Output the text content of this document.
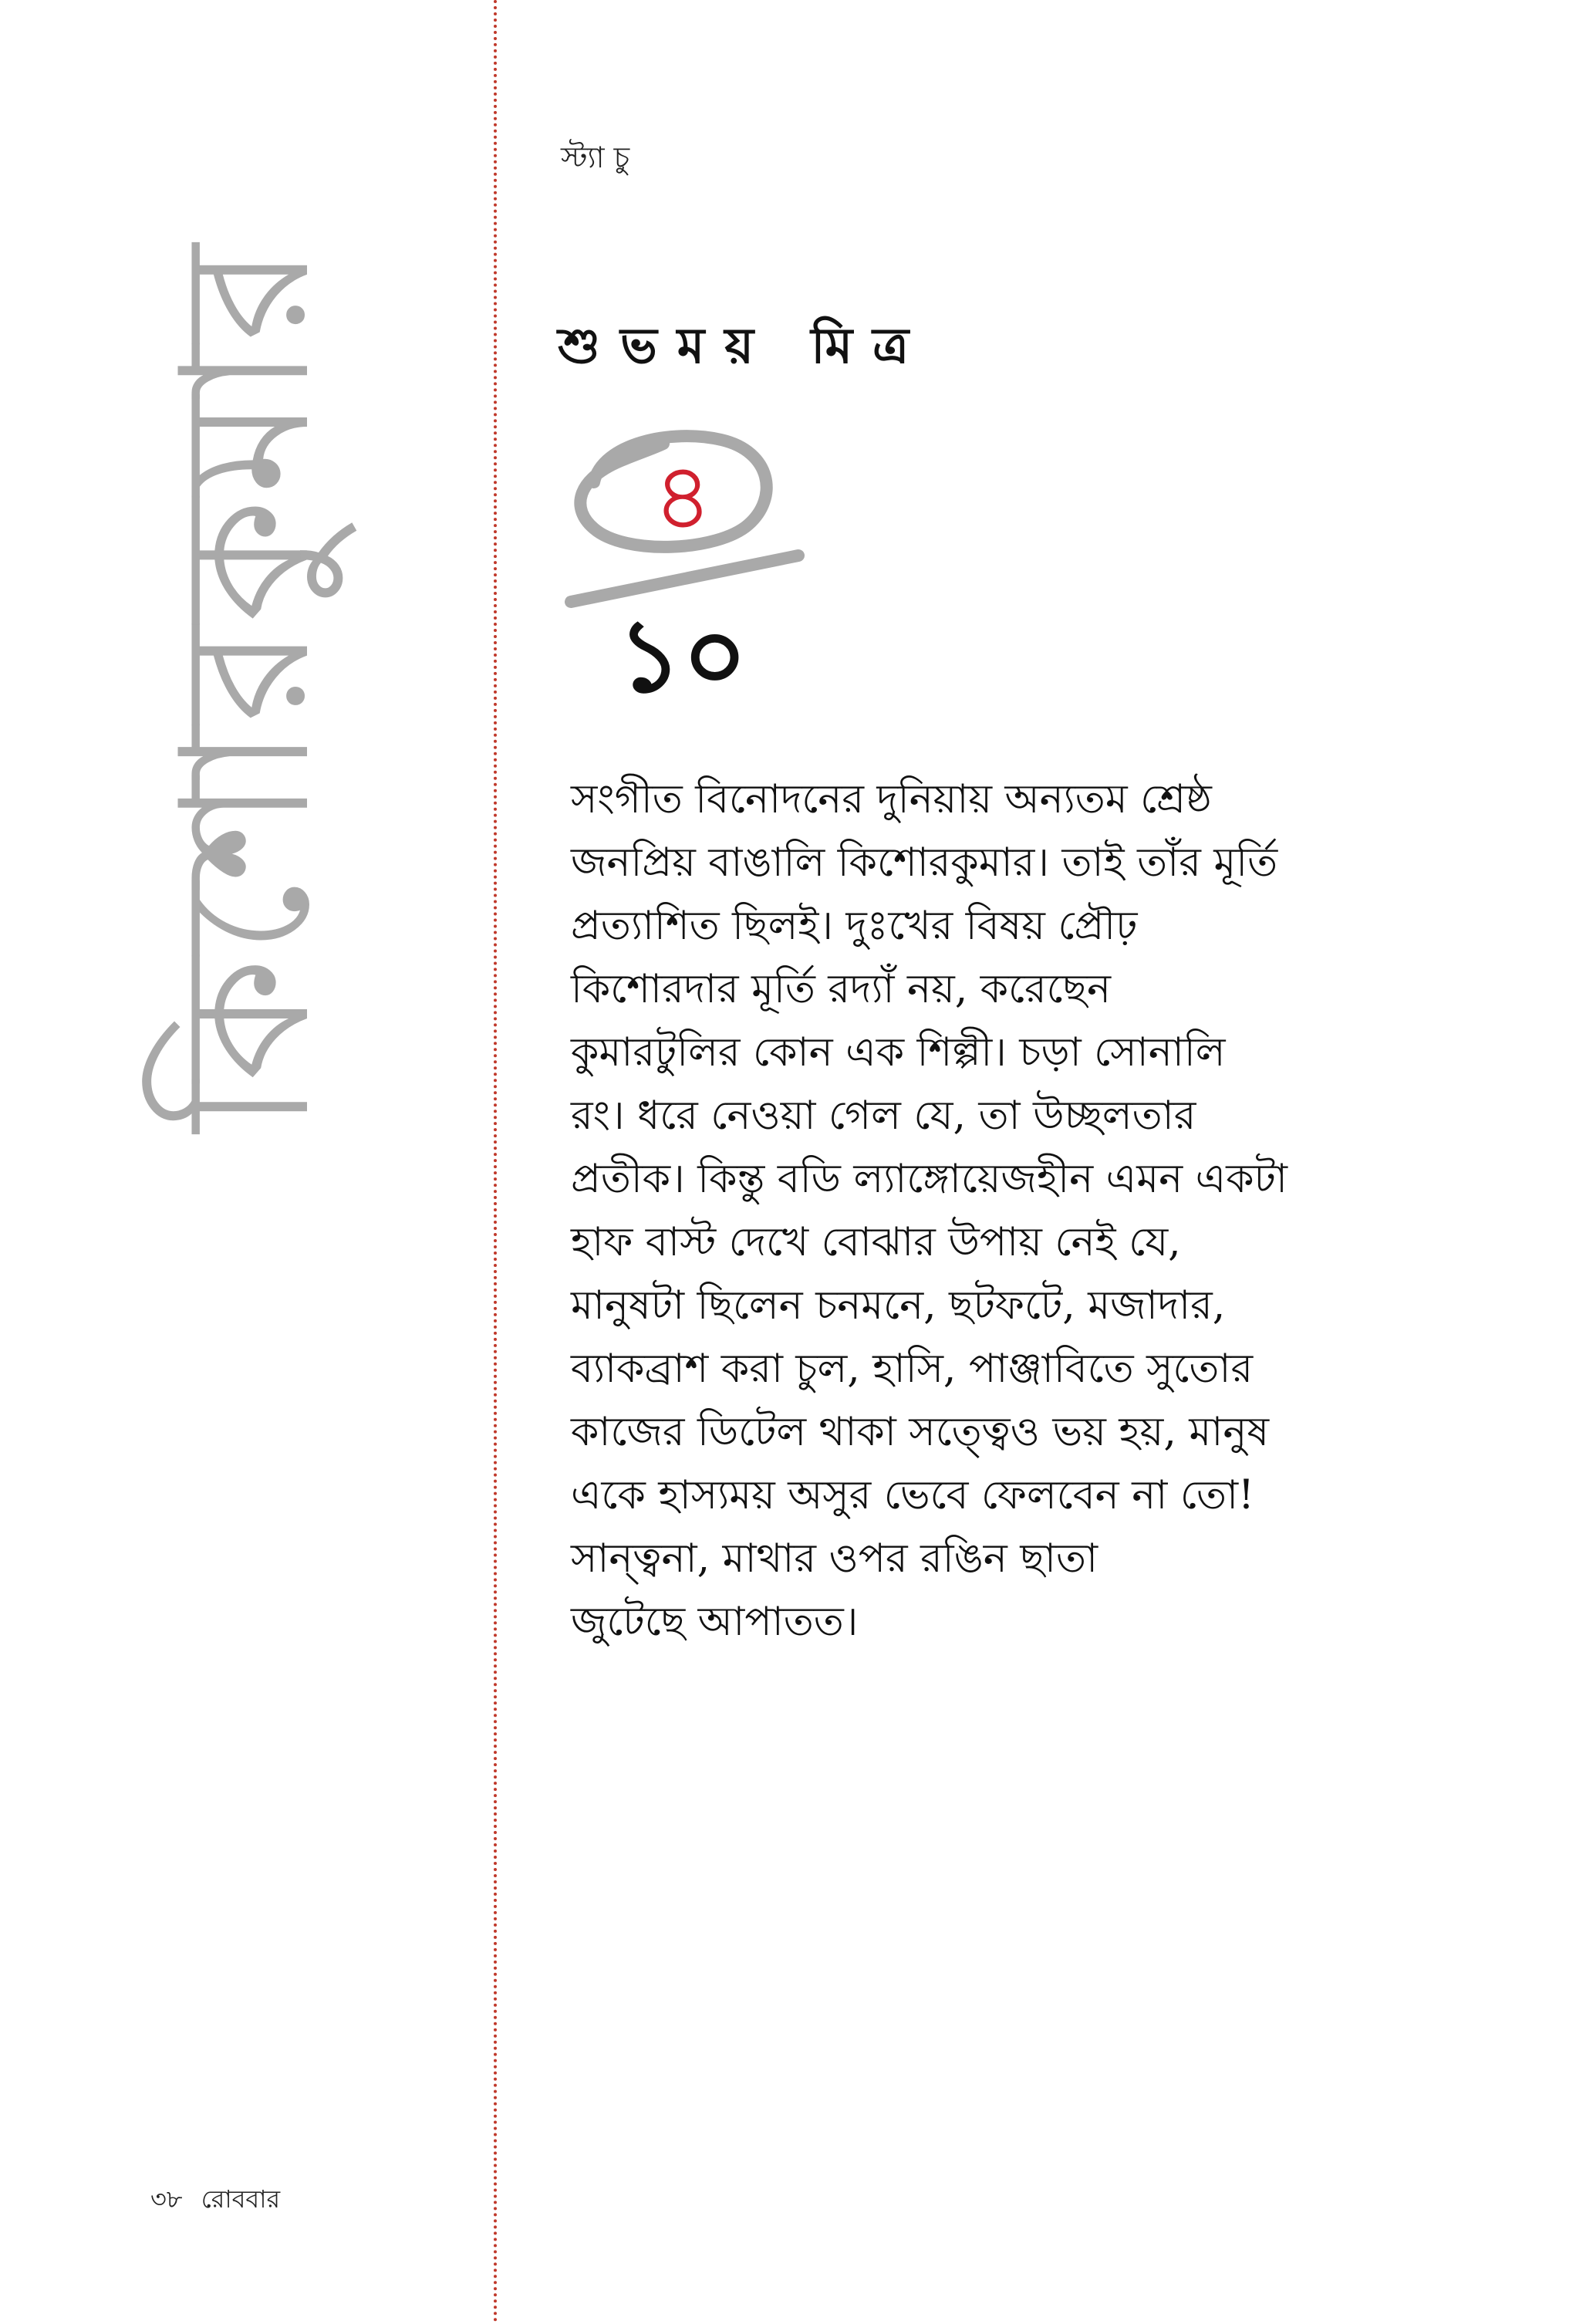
কিশোরকুমার
স্ট্যা চু
শুভময় মিত্র
৪
১০
সংগীত বিনোদনের দুনিয়ায় অন্যতম শ্রেষ্ঠ
জনপ্রিয় বাঙালি কিশোরকুমার। তাই তাঁর মূর্তি
প্রত্যাশিত ছিলই। দুঃখের বিষয় প্রৌঢ়
কিশোরদার মূর্তি রদ্যাঁ নয়, করেছেন
কুমারটুলির কোন এক শিল্পী। চড়া সোনালি
রং। ধরে নেওয়া গেল যে, তা উচ্ছলতার
প্রতীক। কিন্তু বডি ল্যাঙ্গোয়েজহীন এমন একটা
হাফ বাস্ট দেখে বোঝার উপায় নেই যে,
মানুষটা ছিলেন চনমনে, ছটফটে, মজাদার,
ব্যাকব্রাশ করা চুল, হাসি, পাঞ্জাবিতে সুতোর
কাজের ডিটেল থাকা সত্ত্বেও ভয় হয়, মানুষ
একে হাস্যময় অসুর ভেবে ফেলবেন না তো!
সান্ত্বনা, মাথার ওপর রঙিন ছাতা
জুটেছে আপাতত।
৩৮ রোববার
